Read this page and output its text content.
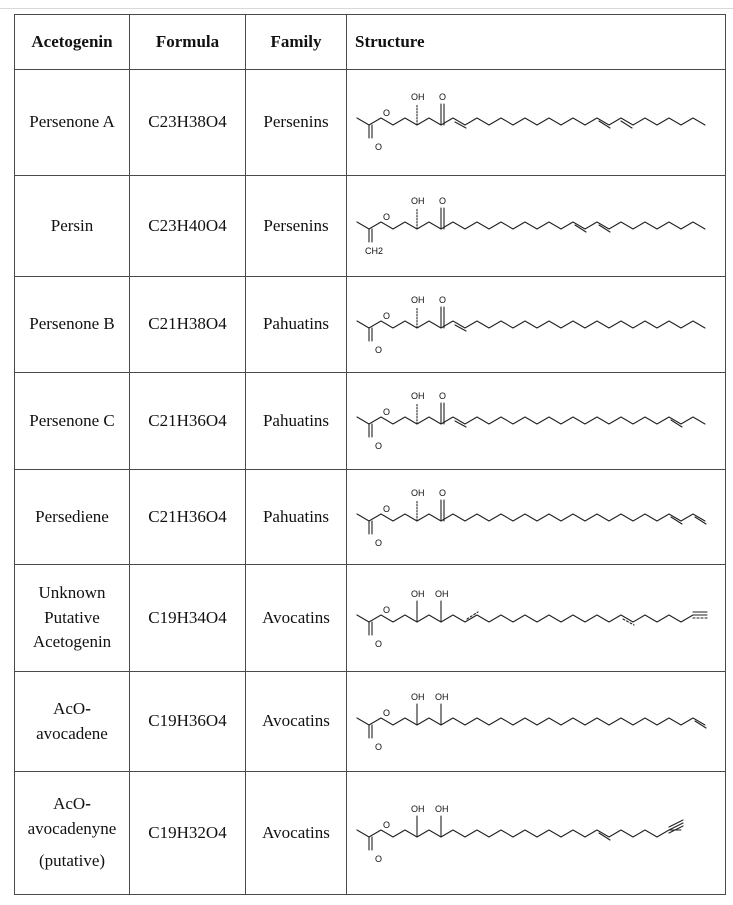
Acetogenin	Formula	Family	Structure
Persenone A	C23H38O4	Persenins	O
O
OH O

Persin	C23H40O4	Persenins	O
OH O
CH2

Persenone B	C21H38O4	Pahuatins	O
O
OH O

Persenone C	C21H36O4	Pahuatins	O
O
OH O

Persediene	C21H36O4	Pahuatins	O
O
OH O

Unknown
Putative
Acetogenin	C19H34O4	Avocatins	O
O
OH OH

AcO-
avocadene	C19H36O4	Avocatins	O
O
OH OH

AcO-
avocadenyne
(putative)	C19H32O4	Avocatins	O
O
OH OH
